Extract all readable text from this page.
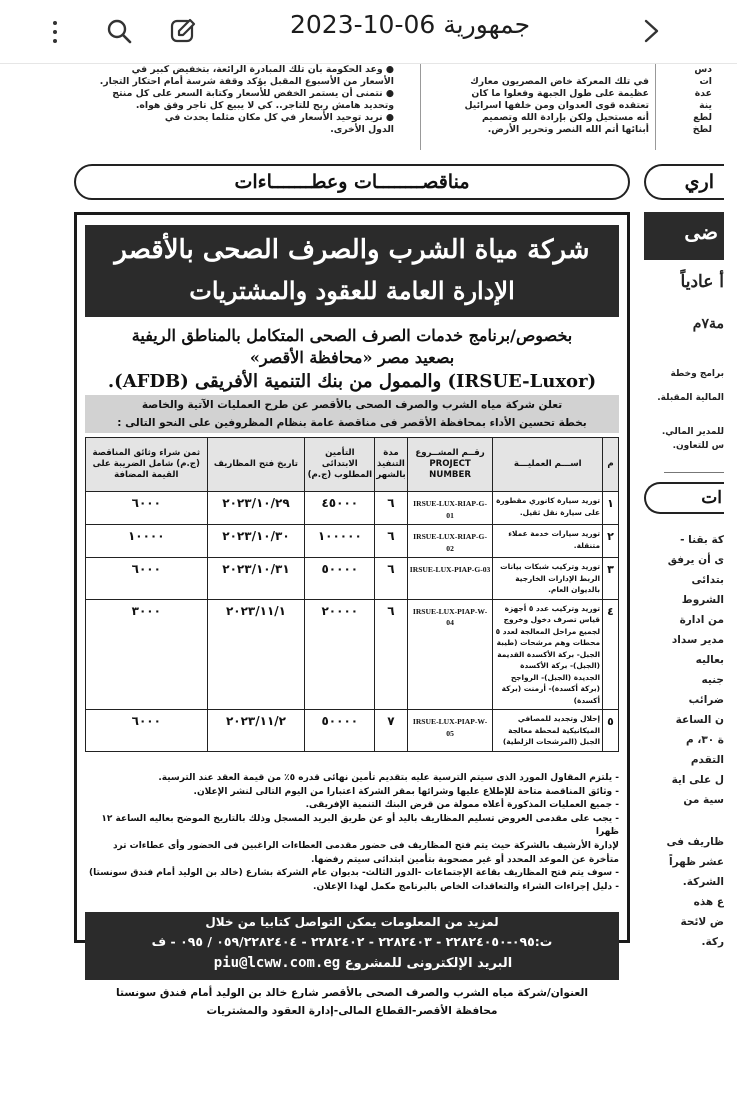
جمهورية 06-10-2023

● وعد الحكومة بأن تلك المبادرة الرائعة، بتخفيض كبير في

الأسعار من الأسبوع المقبل يؤكد وقفة شرسة أمام احتكار التجار.

● نتمنى أن يستمر الخفض للأسعار وكتابة السعر على كل منتج

وتحديد هامش ربح للتاجر.. كي لا يبيع كل تاجر وفق هواه.

● نريد توحيد الأسعار في كل مكان مثلما يحدث في

الدول الأخرى.

في تلك المعركة خاض المصريون معارك

عظيمة على طول الجبهة وفعلوا ما كان

تعتقده قوى العدوان ومن خلفها اسرائيل

أنه مستحيل ولكن بإرادة الله وتصميم

أبنائها أتم الله النصر وتحرير الأرض.

دس

ات

عدة

ينة

لطع

لطخ

مناقصــــــــات وعطـــــــاءات	اري
شركة مياة الشرب والصرف الصحى بالأقصر
الإدارة العامة للعقود والمشتريات
بخصوص/برنامج خدمات الصرف الصحى المتكامل بالمناطق الريفية
بصعيد مصر «محافظة الأقصر»
(IRSUE-Luxor) والممول من بنك التنمية الأفريقى (AFDB).
تعلن شركة مياه الشرب والصرف الصحى بالأقصر عن طرح العمليات الآتية والخاصة
بخطة تحسين الأداء بمحافظة الأقصر فى مناقصة عامة بنظام المظروفين على النحو التالى :
م	اســـم العمليـــة	رقــم المشــروع PROJECT NUMBER	مدة التنفيذ بالشهر	التأمين الابتدائى المطلوب (ج.م)	تاريخ فتح المظاريف	ثمن شراء وثائق المناقصة (ج.م) شامل الضريبة على القيمة المضافة
١	توريد سيارة كانوري مقطورة على سيارة نقل ثقيل.	IRSUE-LUX-RIAP-G-01	٦	٤٥٠٠٠	٢٠٢٣/١٠/٢٩	٦٠٠٠
٢	توريد سيارات خدمة عملاء متنقلة.	IRSUE-LUX-RIAP-G-02	٦	١٠٠٠٠٠	٢٠٢٣/١٠/٣٠	١٠٠٠٠
٣	توريد وتركيب شبكات بيانات الربط الإدارات الخارجية بالديوان العام.	IRSUE-LUX-PIAP-G-03	٦	٥٠٠٠٠	٢٠٢٣/١٠/٣١	٦٠٠٠
٤	توريد وتركيب عدد ٥ أجهزة قياس تصرف دخول وخروج لجميع مراحل المعالجة لعدد ٥ محطات وهم مرشحات (طيبة الجبل- بركة الأكسدة القديمة (الجبل)- بركة الأكسدة الجديدة (الجبل)- الرواجح (بركة أكسدة)- أرمنت (بركة أكسدة)	IRSUE-LUX-PIAP-W-04	٦	٢٠٠٠٠	٢٠٢٣/١١/١	٣٠٠٠
٥	إحلال وتجديد للمصافي الميكانيكية لمحطة معالجة الجبل (المرشحات الزلطية)	IRSUE-LUX-PIAP-W-05	٧	٥٠٠٠٠	٢٠٢٣/١١/٢	٦٠٠٠
- يلتزم المقاول المورد الذى سيتم الترسية عليه بتقديم تأمين نهائى قدره ٥٪ من قيمة العقد عند الترسية.
- وثائق المناقصة متاحة للإطلاع عليها وشرائها بمقر الشركة اعتبارا من اليوم التالى لنشر الإعلان.
- جميع العمليات المذكورة أعلاه ممولة من قرض البنك التنمية الإفريقى.
- يجب على مقدمى العروض تسليم المظاريف باليد أو عن طريق البريد المسجل وذلك بالتاريخ الموضح بعاليه الساعة ١٢ ظهرا
لإدارة الأرشيف بالشركة حيث يتم فتح المظاريف فى حضور مقدمى العطاءات الراغبين فى الحضور وأى عطاءات ترد
متأخرة عن الموعد المحدد أو غير مصحوبة بتأمين ابتدائى سيتم رفضها.
- سوف يتم فتح المظاريف بقاعة الإجتماعات -الدور الثالث- بديوان عام الشركة بشارع (خالد بن الوليد أمام فندق سونستا)
- دليل إجراءات الشراء والتعاقدات الخاص بالبرنامج مكمل لهذا الإعلان.
لمزيد من المعلومات يمكن التواصل كتابيا من خلال
ت:٠٩٥-٢٢٨٢٤٠٥٠ - ٢٢٨٢٤٠٣ - ٢٢٨٢٤٠٢ - ٠٥٩/٢٢٨٢٤٠٤ / ٠٩٥ - ف
البريد الإلكترونى للمشروع piu@lcww.com.eg
العنوان/شركة مياه الشرب والصرف الصحى بالأقصر شارع خالد بن الوليد أمام فندق سونستا
محافظة الأقصر-القطاع المالى-إدارة العقود والمشتريات
ضى
أ عادياً
مة٧م
برامج وخطة
المالية المقبلة.
للمدير المالي.
س للتعاون.
ات
كة بقنا -
ى أن يرفق
بتدائى
الشروط
من ادارة
مدير سداد
بعاليه
جنيه
ضرائب
ن الساعة
ة ٣٠، م
التقدم
ل على اية
سية من
ظاريف فى
عشر ظهراً
الشركة.
ع هذه
ض لائحة
ركة.
